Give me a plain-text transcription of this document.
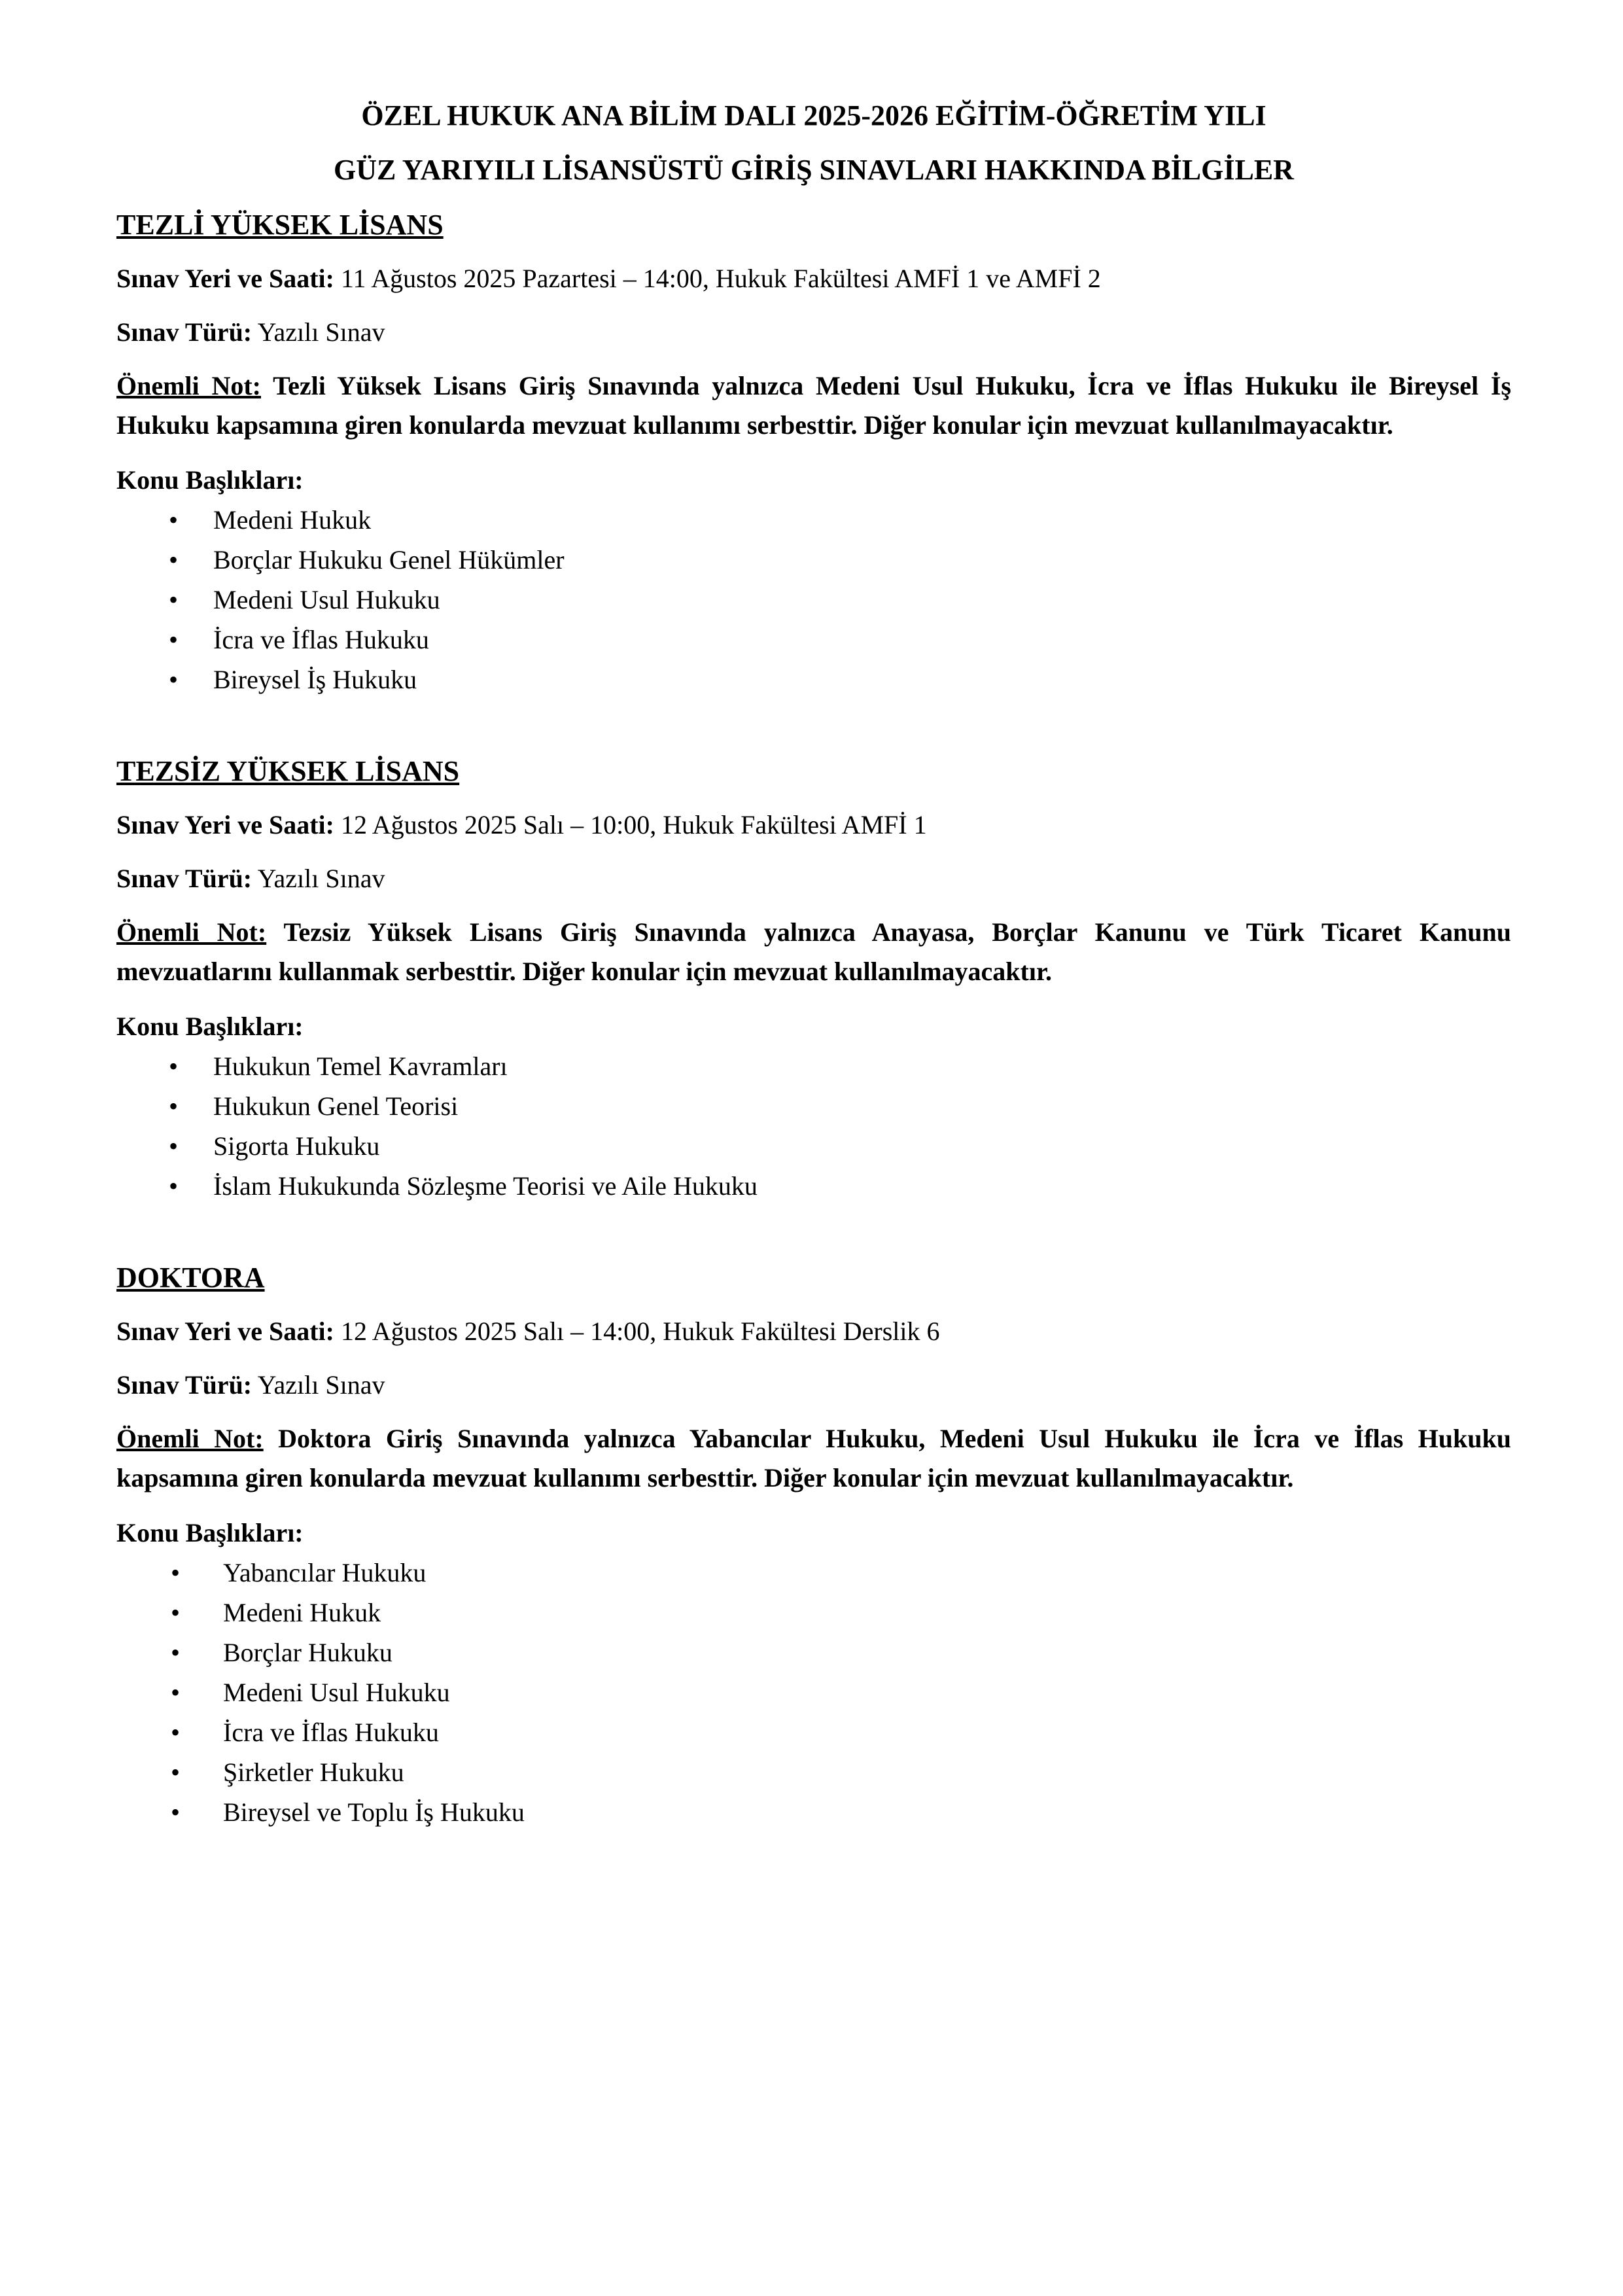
ÖZEL HUKUK ANA BİLİM DALI 2025-2026 EĞİTİM-ÖĞRETİM YILI

GÜZ YARIYILI LİSANSÜSTÜ GİRİŞ SINAVLARI HAKKINDA BİLGİLER

TEZLİ YÜKSEK LİSANS

Sınav Yeri ve Saati: 11 Ağustos 2025 Pazartesi – 14:00, Hukuk Fakültesi AMFİ 1 ve AMFİ 2

Sınav Türü: Yazılı Sınav

Önemli Not: Tezli Yüksek Lisans Giriş Sınavında yalnızca Medeni Usul Hukuku, İcra ve İflas Hukuku ile Bireysel İş Hukuku kapsamına giren konularda mevzuat kullanımı serbesttir. Diğer konular için mevzuat kullanılmayacaktır.

Konu Başlıkları:

• Medeni Hukuk
• Borçlar Hukuku Genel Hükümler
• Medeni Usul Hukuku
• İcra ve İflas Hukuku
• Bireysel İş Hukuku

TEZSİZ YÜKSEK LİSANS

Sınav Yeri ve Saati: 12 Ağustos 2025 Salı – 10:00, Hukuk Fakültesi AMFİ 1

Sınav Türü: Yazılı Sınav

Önemli Not: Tezsiz Yüksek Lisans Giriş Sınavında yalnızca Anayasa, Borçlar Kanunu ve Türk Ticaret Kanunu mevzuatlarını kullanmak serbesttir. Diğer konular için mevzuat kullanılmayacaktır.

Konu Başlıkları:

• Hukukun Temel Kavramları
• Hukukun Genel Teorisi
• Sigorta Hukuku
• İslam Hukukunda Sözleşme Teorisi ve Aile Hukuku

DOKTORA

Sınav Yeri ve Saati: 12 Ağustos 2025 Salı – 14:00, Hukuk Fakültesi Derslik 6

Sınav Türü: Yazılı Sınav

Önemli Not: Doktora Giriş Sınavında yalnızca Yabancılar Hukuku, Medeni Usul Hukuku ile İcra ve İflas Hukuku kapsamına giren konularda mevzuat kullanımı serbesttir. Diğer konular için mevzuat kullanılmayacaktır.

Konu Başlıkları:

• Yabancılar Hukuku
• Medeni Hukuk
• Borçlar Hukuku
• Medeni Usul Hukuku
• İcra ve İflas Hukuku
• Şirketler Hukuku
• Bireysel ve Toplu İş Hukuku
